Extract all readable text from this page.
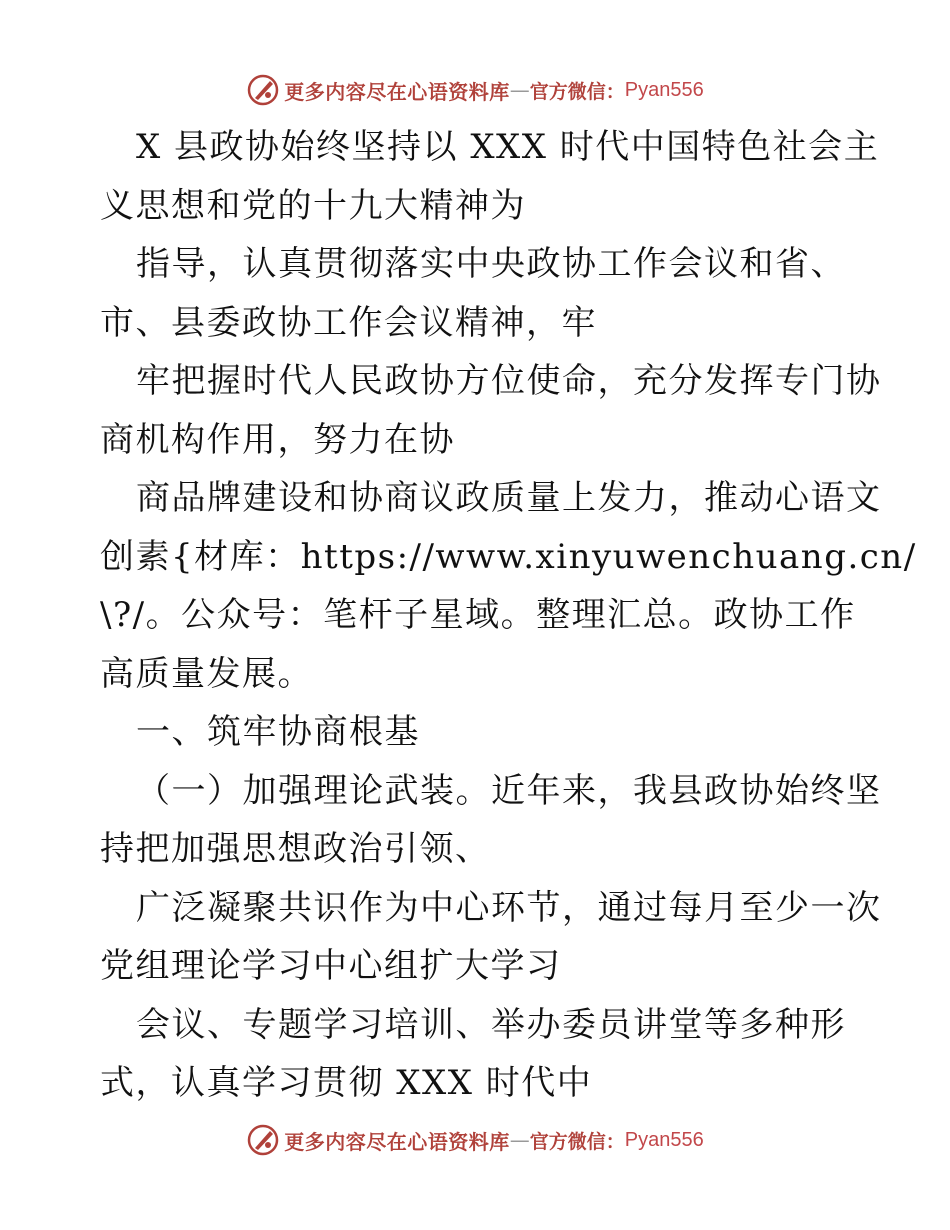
更多内容尽在心语资料库 — 官方微信： Pyan556
X 县政协始终坚持以 XXX 时代中国特色社会主
义思想和党的十九大精神为
指导，认真贯彻落实中央政协工作会议和省、
市、县委政协工作会议精神，牢
牢把握时代人民政协方位使命，充分发挥专门协
商机构作用，努力在协
商品牌建设和协商议政质量上发力，推动心语文
创素{材库：https://www.xinyuwenchuang.cn/
\?/。公众号：笔杆子星域。整理汇总。政协工作
高质量发展。
一、筑牢协商根基
（一）加强理论武装。近年来，我县政协始终坚
持把加强思想政治引领、
广泛凝聚共识作为中心环节，通过每月至少一次
党组理论学习中心组扩大学习
会议、专题学习培训、举办委员讲堂等多种形
式，认真学习贯彻 XXX 时代中
更多内容尽在心语资料库 — 官方微信： Pyan556
